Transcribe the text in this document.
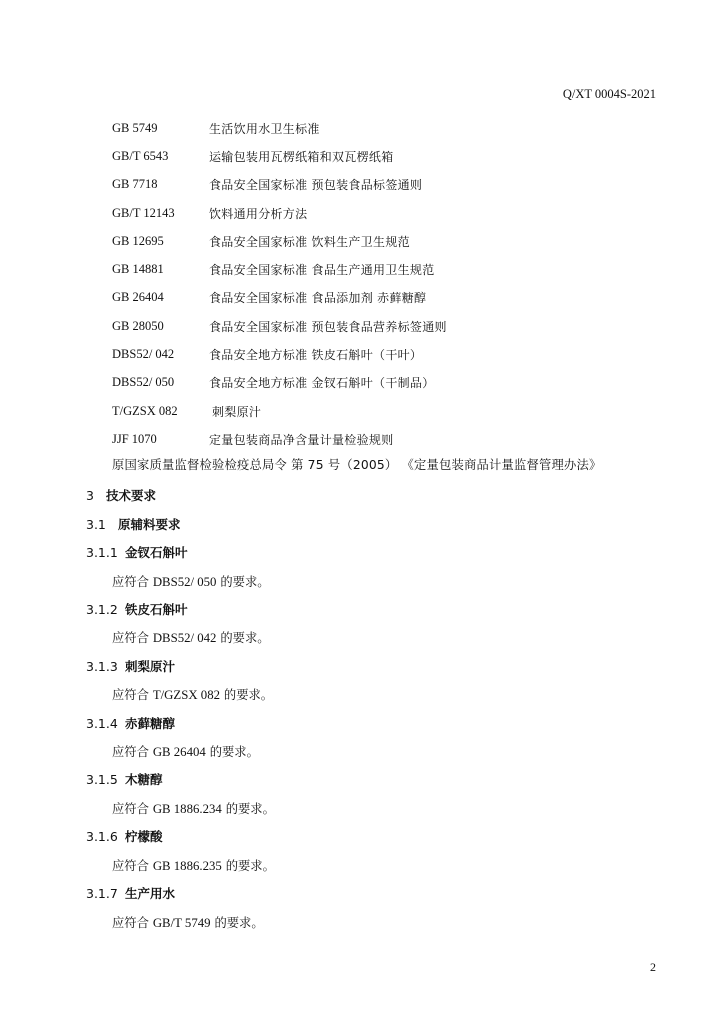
Q/XT 0004S-2021
GB 5749	生活饮用水卫生标准
GB/T 6543	运输包装用瓦楞纸箱和双瓦楞纸箱
GB 7718	食品安全国家标准 预包装食品标签通则
GB/T 12143	饮料通用分析方法
GB 12695	食品安全国家标准 饮料生产卫生规范
GB 14881	食品安全国家标准 食品生产通用卫生规范
GB 26404	食品安全国家标准 食品添加剂 赤藓糖醇
GB 28050	食品安全国家标准 预包装食品营养标签通则
DBS52/ 042	食品安全地方标准 铁皮石斛叶（干叶）
DBS52/ 050	食品安全地方标准 金钗石斛叶（干制品）
T/GZSX 082	刺梨原汁
JJF 1070	定量包装商品净含量计量检验规则
原国家质量监督检验检疫总局令 第 75 号（2005） 《定量包装商品计量监督管理办法》
3 技术要求
3.1 原辅料要求
3.1.1 金钗石斛叶
应符合 DBS52/ 050 的要求。
3.1.2 铁皮石斛叶
应符合 DBS52/ 042 的要求。
3.1.3 刺梨原汁
应符合 T/GZSX 082 的要求。
3.1.4 赤藓糖醇
应符合 GB 26404 的要求。
3.1.5 木糖醇
应符合 GB 1886.234 的要求。
3.1.6 柠檬酸
应符合 GB 1886.235 的要求。
3.1.7 生产用水
应符合 GB/T 5749 的要求。
2
